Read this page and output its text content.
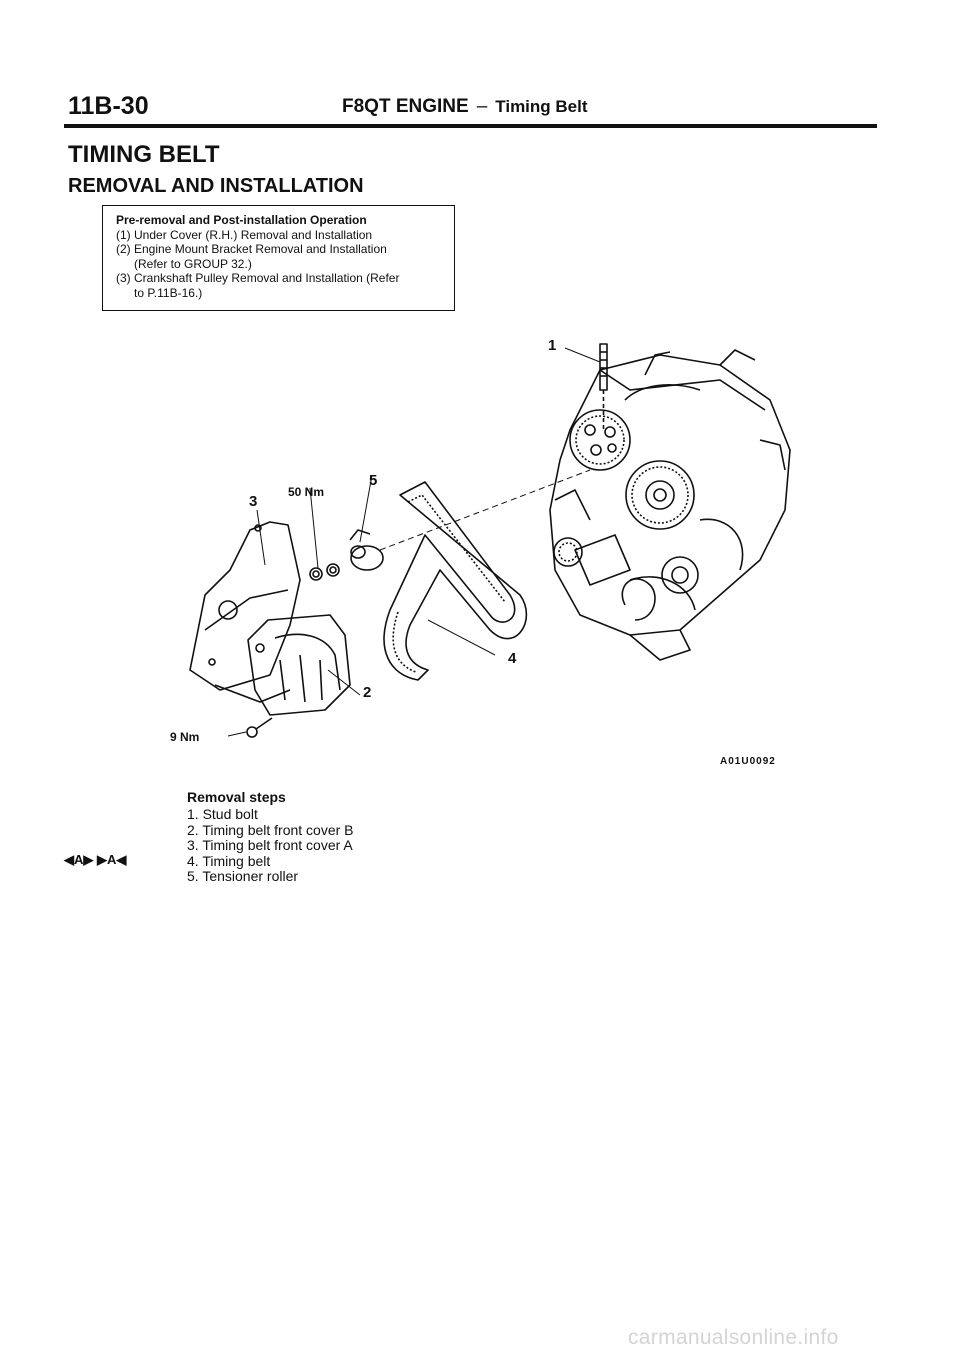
11B-30	F8QT ENGINE – Timing Belt
TIMING BELT
REMOVAL AND INSTALLATION
Pre-removal and Post-installation Operation
(1) Under Cover (R.H.) Removal and Installation
(2) Engine Mount Bracket Removal and Installation
(Refer to GROUP 32.)
(3) Crankshaft Pulley Removal and Installation (Refer
to P.11B-16.)
1
2
3
4
5
50 Nm
9 Nm
A01U0092
Removal steps
1. Stud bolt
2. Timing belt front cover B
3. Timing belt front cover A
4. Timing belt
5. Tensioner roller
◀A▶ ▶A◀
carmanualsonline.info
